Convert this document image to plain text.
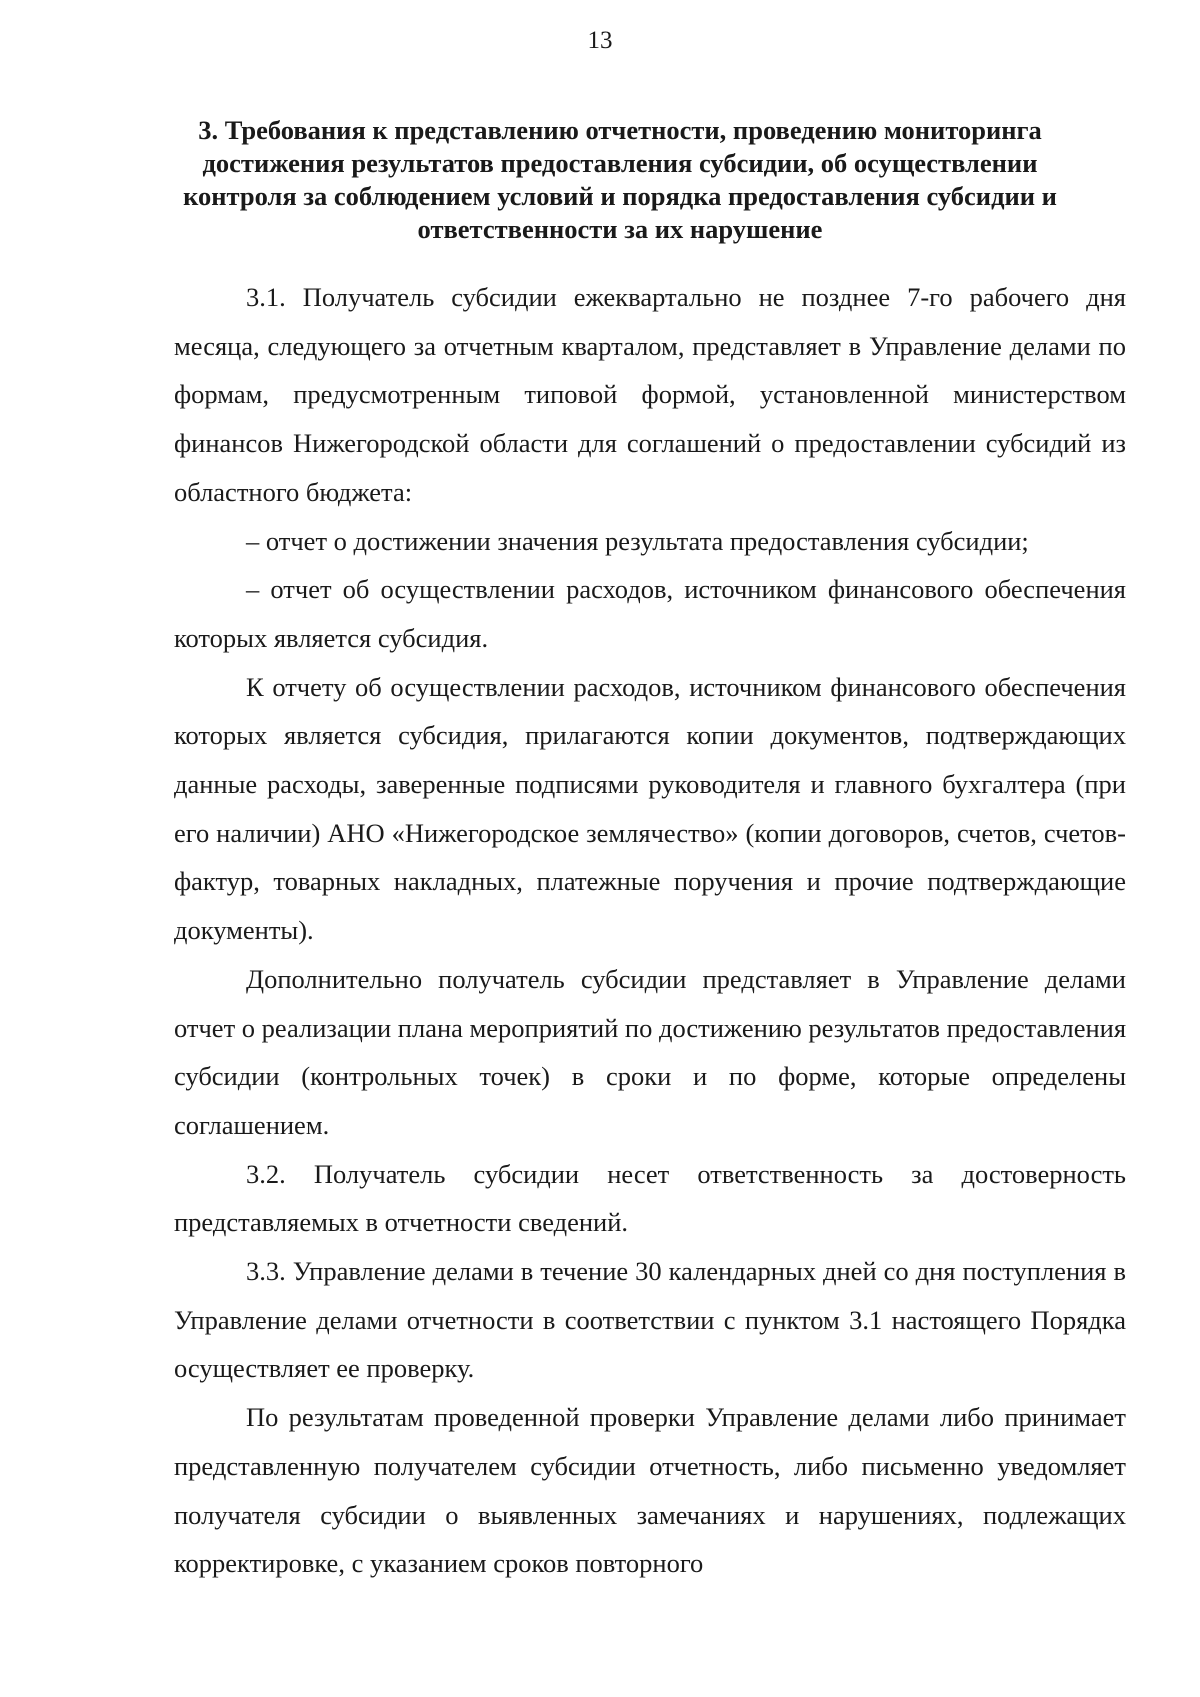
13
3. Требования к представлению отчетности, проведению мониторинга достижения результатов предоставления субсидии, об осуществлении контроля за соблюдением условий и порядка предоставления субсидии и ответственности за их нарушение

3.1. Получатель субсидии ежеквартально не позднее 7-го рабочего дня месяца, следующего за отчетным кварталом, представляет в Управление делами по формам, предусмотренным типовой формой, установленной министерством финансов Нижегородской области для соглашений о предоставлении субсидий из областного бюджета:

– отчет о достижении значения результата предоставления субсидии;

– отчет об осуществлении расходов, источником финансового обеспечения которых является субсидия.

К отчету об осуществлении расходов, источником финансового обеспечения которых является субсидия, прилагаются копии документов, подтверждающих данные расходы, заверенные подписями руководителя и главного бухгалтера (при его наличии) АНО «Нижегородское землячество» (копии договоров, счетов, счетов-фактур, товарных накладных, платежные поручения и прочие подтверждающие документы).

Дополнительно получатель субсидии представляет в Управление делами отчет о реализации плана мероприятий по достижению результатов предоставления субсидии (контрольных точек) в сроки и по форме, которые определены соглашением.

3.2. Получатель субсидии несет ответственность за достоверность представляемых в отчетности сведений.

3.3. Управление делами в течение 30 календарных дней со дня поступления в Управление делами отчетности в соответствии с пунктом 3.1 настоящего Порядка осуществляет ее проверку.

По результатам проведенной проверки Управление делами либо принимает представленную получателем субсидии отчетность, либо письменно уведомляет получателя субсидии о выявленных замечаниях и нарушениях, подлежащих корректировке, с указанием сроков повторного
